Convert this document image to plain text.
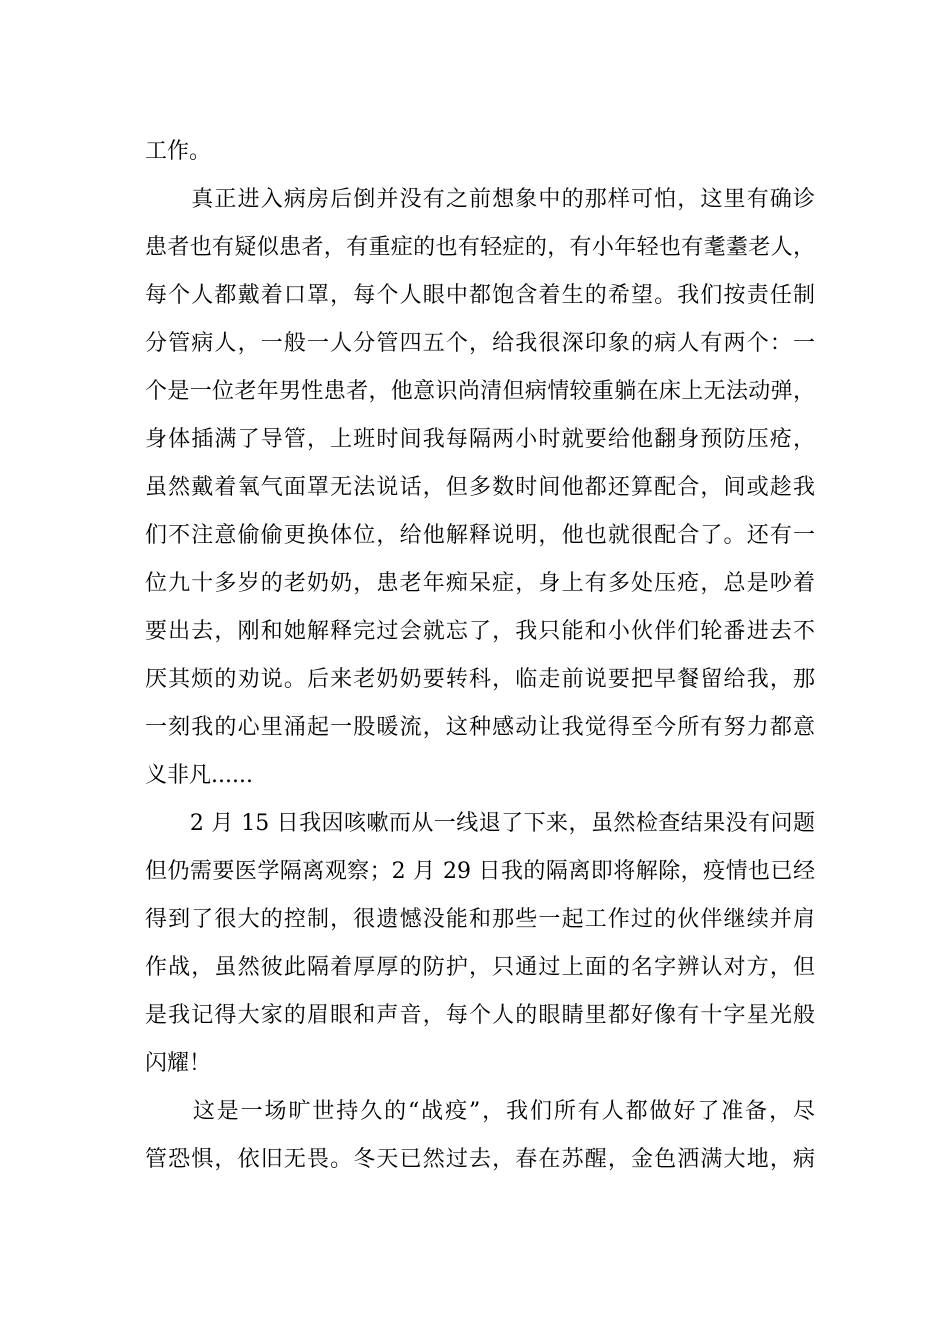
工作。
　　真正进入病房后倒并没有之前想象中的那样可怕，这里有确诊
患者也有疑似患者，有重症的也有轻症的，有小年轻也有耄耋老人，
每个人都戴着口罩，每个人眼中都饱含着生的希望。我们按责任制
分管病人，一般一人分管四五个，给我很深印象的病人有两个：一
个是一位老年男性患者，他意识尚清但病情较重躺在床上无法动弹，
身体插满了导管，上班时间我每隔两小时就要给他翻身预防压疮，
虽然戴着氧气面罩无法说话，但多数时间他都还算配合，间或趁我
们不注意偷偷更换体位，给他解释说明，他也就很配合了。还有一
位九十多岁的老奶奶，患老年痴呆症，身上有多处压疮，总是吵着
要出去，刚和她解释完过会就忘了，我只能和小伙伴们轮番进去不
厌其烦的劝说。后来老奶奶要转科，临走前说要把早餐留给我，那
一刻我的心里涌起一股暖流，这种感动让我觉得至今所有努力都意
义非凡......
　　2 月 15 日我因咳嗽而从一线退了下来，虽然检查结果没有问题
但仍需要医学隔离观察；2 月 29 日我的隔离即将解除，疫情也已经
得到了很大的控制，很遗憾没能和那些一起工作过的伙伴继续并肩
作战，虽然彼此隔着厚厚的防护，只通过上面的名字辨认对方，但
是我记得大家的眉眼和声音，每个人的眼睛里都好像有十字星光般
闪耀！
　　这是一场旷世持久的“战疫”，我们所有人都做好了准备，尽
管恐惧，依旧无畏。冬天已然过去，春在苏醒，金色洒满大地，病
